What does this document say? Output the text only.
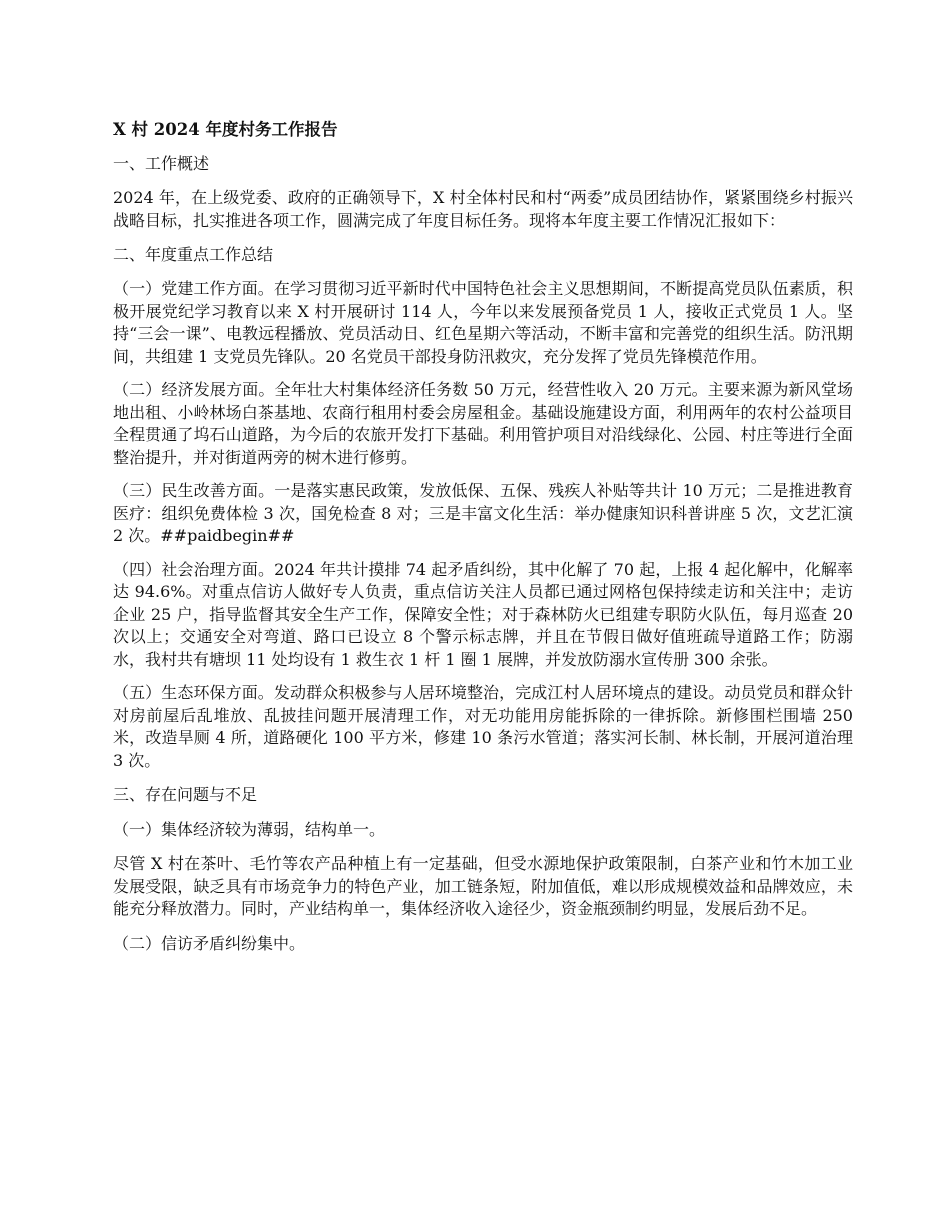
X 村 2024 年度村务工作报告
一、工作概述
2024 年，在上级党委、政府的正确领导下，X 村全体村民和村“两委”成员团结协作，紧紧围绕乡村振兴战略目标，扎实推进各项工作，圆满完成了年度目标任务。现将本年度主要工作情况汇报如下：
二、年度重点工作总结
（一）党建工作方面。在学习贯彻习近平新时代中国特色社会主义思想期间，不断提高党员队伍素质，积极开展党纪学习教育以来 X 村开展研讨 114 人，今年以来发展预备党员 1 人，接收正式党员 1 人。坚持“三会一课”、电教远程播放、党员活动日、红色星期六等活动，不断丰富和完善党的组织生活。防汛期间，共组建 1 支党员先锋队。20 名党员干部投身防汛救灾，充分发挥了党员先锋模范作用。
（二）经济发展方面。全年壮大村集体经济任务数 50 万元，经营性收入 20 万元。主要来源为新风堂场地出租、小岭林场白茶基地、农商行租用村委会房屋租金。基础设施建设方面，利用两年的农村公益项目全程贯通了坞石山道路，为今后的农旅开发打下基础。利用管护项目对沿线绿化、公园、村庄等进行全面整治提升，并对街道两旁的树木进行修剪。
（三）民生改善方面。一是落实惠民政策，发放低保、五保、残疾人补贴等共计 10 万元；二是推进教育医疗：组织免费体检 3 次，国免检查 8 对；三是丰富文化生活：举办健康知识科普讲座 5 次，文艺汇演 2 次。##paidbegin##
（四）社会治理方面。2024 年共计摸排 74 起矛盾纠纷，其中化解了 70 起，上报 4 起化解中，化解率达 94.6%。对重点信访人做好专人负责，重点信访关注人员都已通过网格包保持续走访和关注中；走访企业 25 户，指导监督其安全生产工作，保障安全性；对于森林防火已组建专职防火队伍，每月巡查 20 次以上；交通安全对弯道、路口已设立 8 个警示标志牌，并且在节假日做好值班疏导道路工作；防溺水，我村共有塘坝 11 处均设有 1 救生衣 1 杆 1 圈 1 展牌，并发放防溺水宣传册 300 余张。
（五）生态环保方面。发动群众积极参与人居环境整治，完成江村人居环境点的建设。动员党员和群众针对房前屋后乱堆放、乱披挂问题开展清理工作，对无功能用房能拆除的一律拆除。新修围栏围墙 250 米，改造旱厕 4 所，道路硬化 100 平方米，修建 10 条污水管道；落实河长制、林长制，开展河道治理 3 次。
三、存在问题与不足
（一）集体经济较为薄弱，结构单一。
尽管 X 村在茶叶、毛竹等农产品种植上有一定基础，但受水源地保护政策限制，白茶产业和竹木加工业发展受限，缺乏具有市场竞争力的特色产业，加工链条短，附加值低，难以形成规模效益和品牌效应，未能充分释放潜力。同时，产业结构单一，集体经济收入途径少，资金瓶颈制约明显，发展后劲不足。
（二）信访矛盾纠纷集中。
